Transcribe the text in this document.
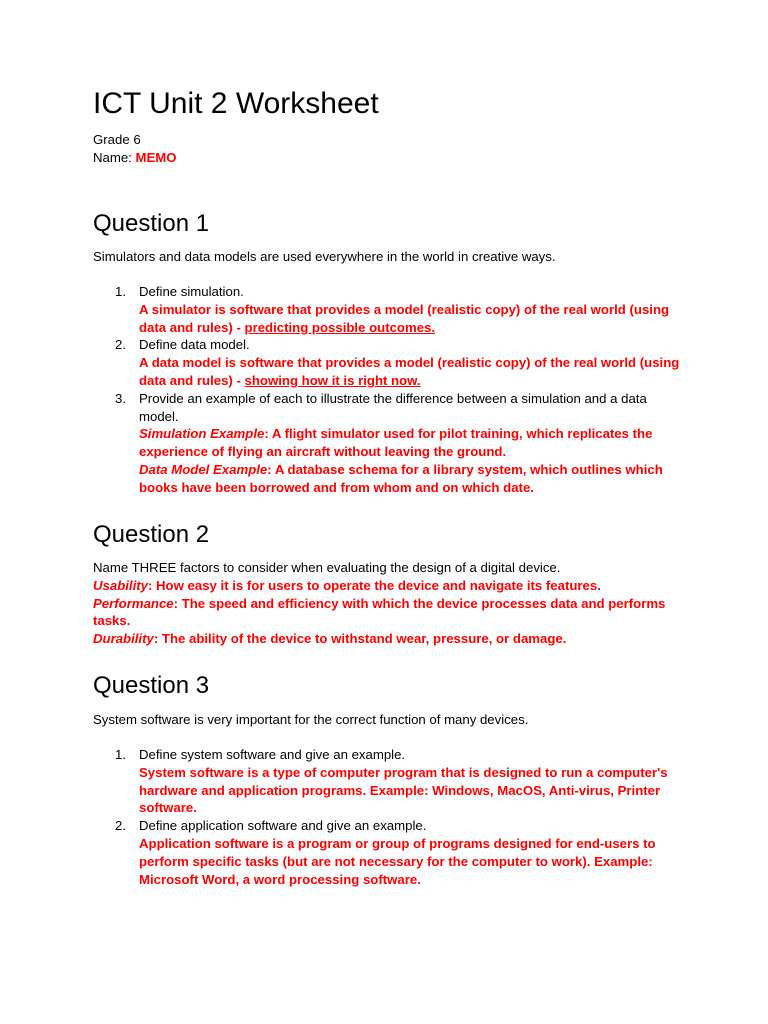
ICT Unit 2 Worksheet
Grade 6
Name: MEMO
Question 1
Simulators and data models are used everywhere in the world in creative ways.
1. Define simulation.

A simulator is software that provides a model (realistic copy) of the real world (using data and rules) - predicting possible outcomes.

2. Define data model.

A data model is software that provides a model (realistic copy) of the real world (using data and rules) - showing how it is right now.

3. Provide an example of each to illustrate the difference between a simulation and a data model.

Simulation Example: A flight simulator used for pilot training, which replicates the experience of flying an aircraft without leaving the ground.

Data Model Example: A database schema for a library system, which outlines which books have been borrowed and from whom and on which date.

Question 2

Name THREE factors to consider when evaluating the design of a digital device.

Usability: How easy it is for users to operate the device and navigate its features.

Performance: The speed and efficiency with which the device processes data and performs tasks.

Durability: The ability of the device to withstand wear, pressure, or damage.

Question 3
System software is very important for the correct function of many devices.
1. Define system software and give an example.

System software is a type of computer program that is designed to run a computer's hardware and application programs. Example: Windows, MacOS, Anti-virus, Printer software.

2. Define application software and give an example.

Application software is a program or group of programs designed for end-users to perform specific tasks (but are not necessary for the computer to work). Example: Microsoft Word, a word processing software.
